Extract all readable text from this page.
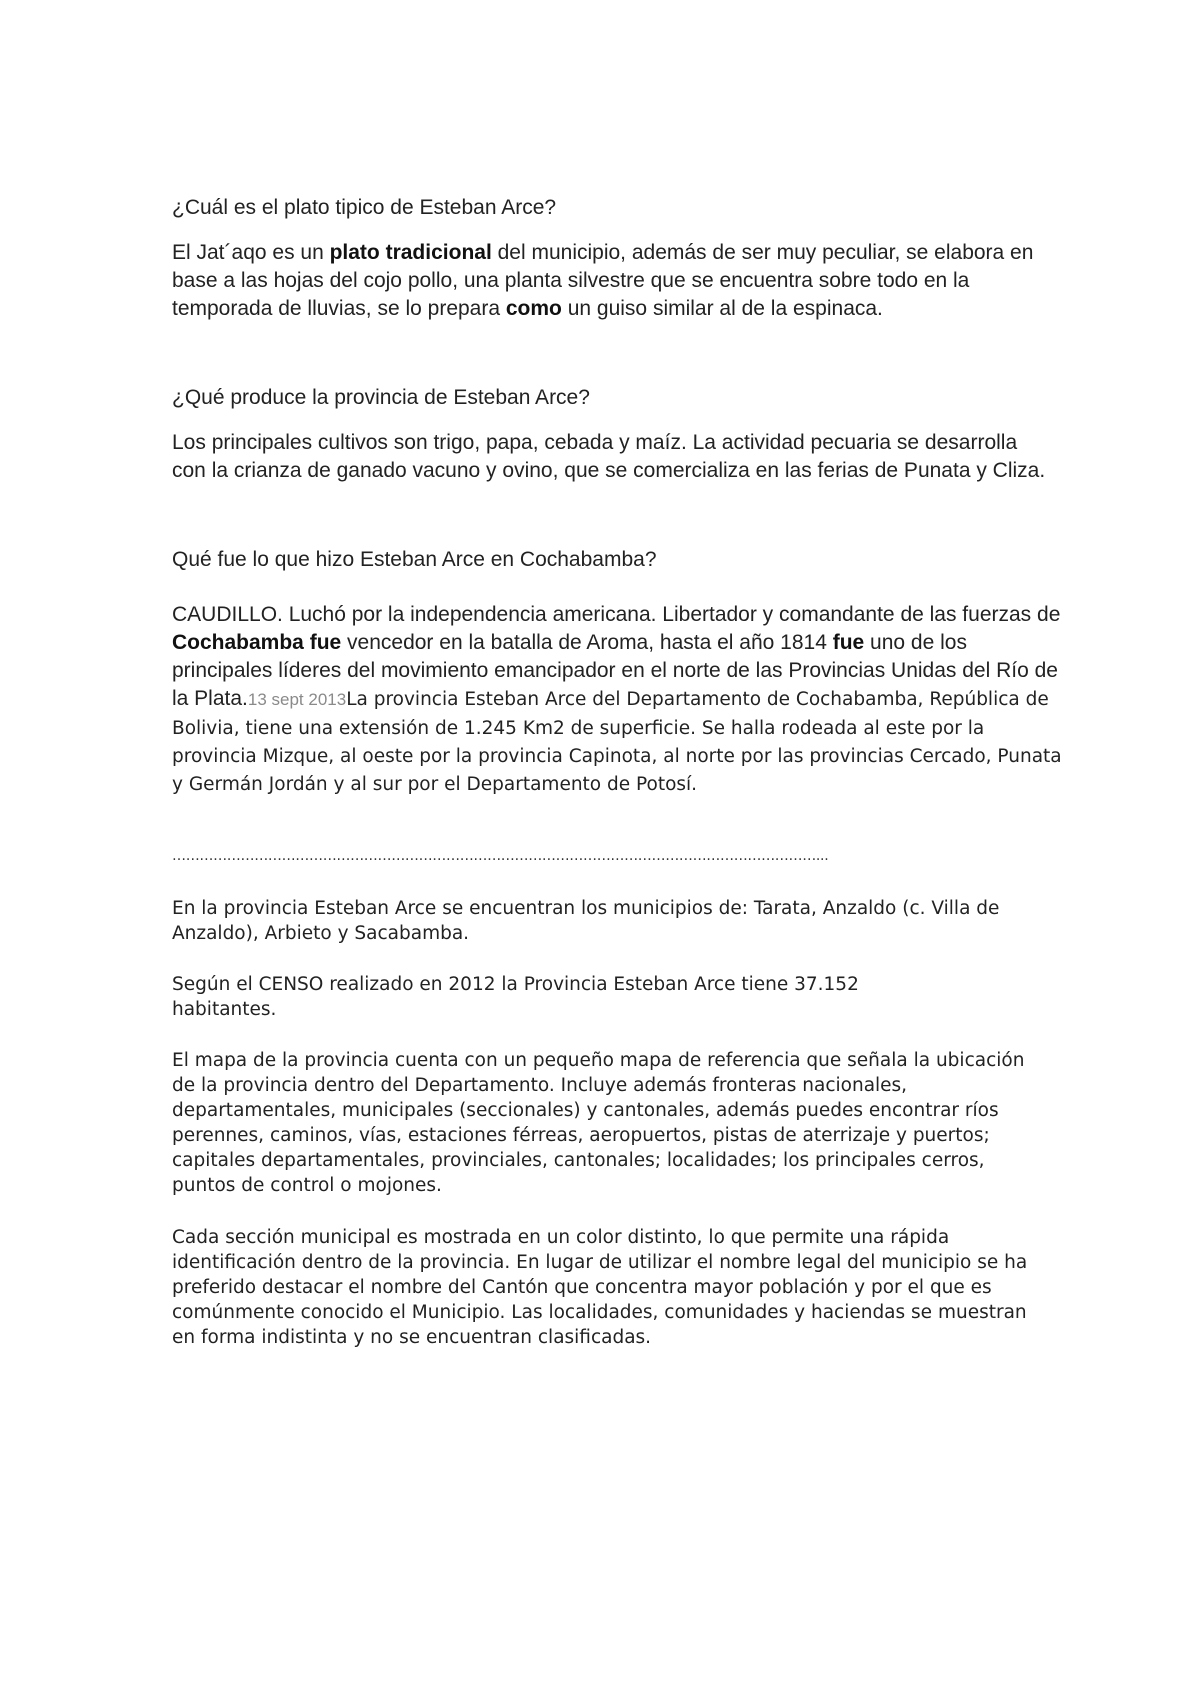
¿Cuál es el plato tipico de Esteban Arce?

El Jat´aqo es un plato tradicional del municipio, además de ser muy peculiar, se elabora en base a las hojas del cojo pollo, una planta silvestre que se encuentra sobre todo en la temporada de lluvias, se lo prepara como un guiso similar al de la espinaca.

¿Qué produce la provincia de Esteban Arce?

Los principales cultivos son trigo, papa, cebada y maíz. La actividad pecuaria se desarrolla con la crianza de ganado vacuno y ovino, que se comercializa en las ferias de Punata y Cliza.

Qué fue lo que hizo Esteban Arce en Cochabamba?

CAUDILLO. Luchó por la independencia americana. Libertador y comandante de las fuerzas de Cochabamba fue vencedor en la batalla de Aroma, hasta el año 1814 fue uno de los principales líderes del movimiento emancipador en el norte de las Provincias Unidas del Río de la Plata.13 sept 2013La provincia Esteban Arce del Departamento de Cochabamba, República de Bolivia, tiene una extensión de 1.245 Km2 de superficie. Se halla rodeada al este por la provincia Mizque, al oeste por la provincia Capinota, al norte por las provincias Cercado, Punata y Germán Jordán y al sur por el Departamento de Potosí.

……………………………………………………………………………………………………………………………...

En la provincia Esteban Arce se encuentran los municipios de: Tarata, Anzaldo (c. Villa de Anzaldo), Arbieto y Sacabamba.

Según el CENSO realizado en 2012 la Provincia Esteban Arce tiene 37.152 habitantes.

El mapa de la provincia cuenta con un pequeño mapa de referencia que señala la ubicación de la provincia dentro del Departamento. Incluye además fronteras nacionales, departamentales, municipales (seccionales) y cantonales, además puedes encontrar ríos perennes, caminos, vías, estaciones férreas, aeropuertos, pistas de aterrizaje y puertos; capitales departamentales, provinciales, cantonales; localidades; los principales cerros, puntos de control o mojones.

Cada sección municipal es mostrada en un color distinto, lo que permite una rápida identificación dentro de la provincia. En lugar de utilizar el nombre legal del municipio se ha preferido destacar el nombre del Cantón que concentra mayor población y por el que es comúnmente conocido el Municipio. Las localidades, comunidades y haciendas se muestran en forma indistinta y no se encuentran clasificadas.
